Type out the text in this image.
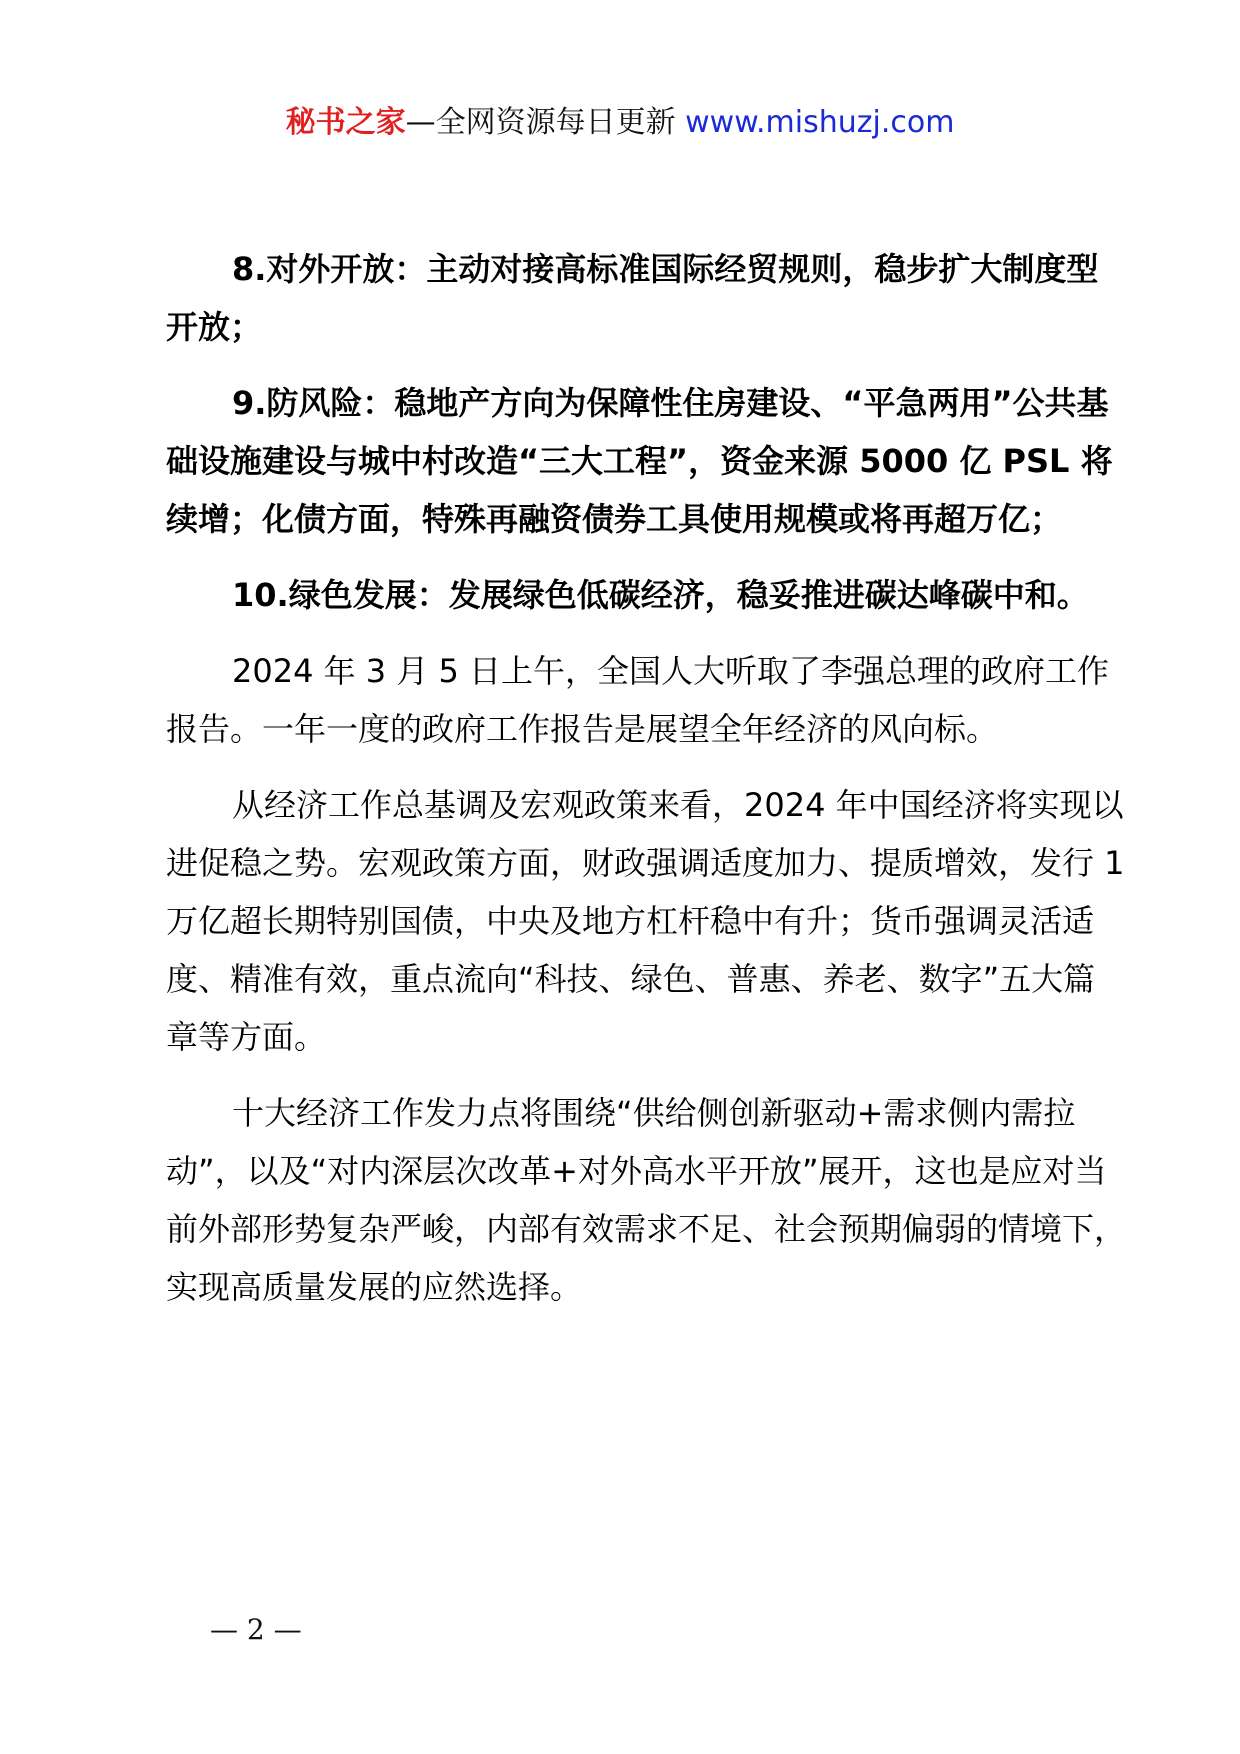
秘书之家—全网资源每日更新 www.mishuzj.com

8.对外开放：主动对接高标准国际经贸规则，稳步扩大制度型开放；

9.防风险：稳地产方向为保障性住房建设、“平急两用”公共基础设施建设与城中村改造“三大工程”，资金来源 5000 亿 PSL 将续增；化债方面，特殊再融资债券工具使用规模或将再超万亿；

10.绿色发展：发展绿色低碳经济，稳妥推进碳达峰碳中和。

2024 年 3 月 5 日上午，全国人大听取了李强总理的政府工作报告。一年一度的政府工作报告是展望全年经济的风向标。

从经济工作总基调及宏观政策来看，2024 年中国经济将实现以进促稳之势。宏观政策方面，财政强调适度加力、提质增效，发行 1 万亿超长期特别国债，中央及地方杠杆稳中有升；货币强调灵活适度、精准有效，重点流向“科技、绿色、普惠、养老、数字”五大篇章等方面。

十大经济工作发力点将围绕“供给侧创新驱动+需求侧内需拉动”，以及“对内深层次改革+对外高水平开放”展开，这也是应对当前外部形势复杂严峻，内部有效需求不足、社会预期偏弱的情境下，实现高质量发展的应然选择。

— 2 —
